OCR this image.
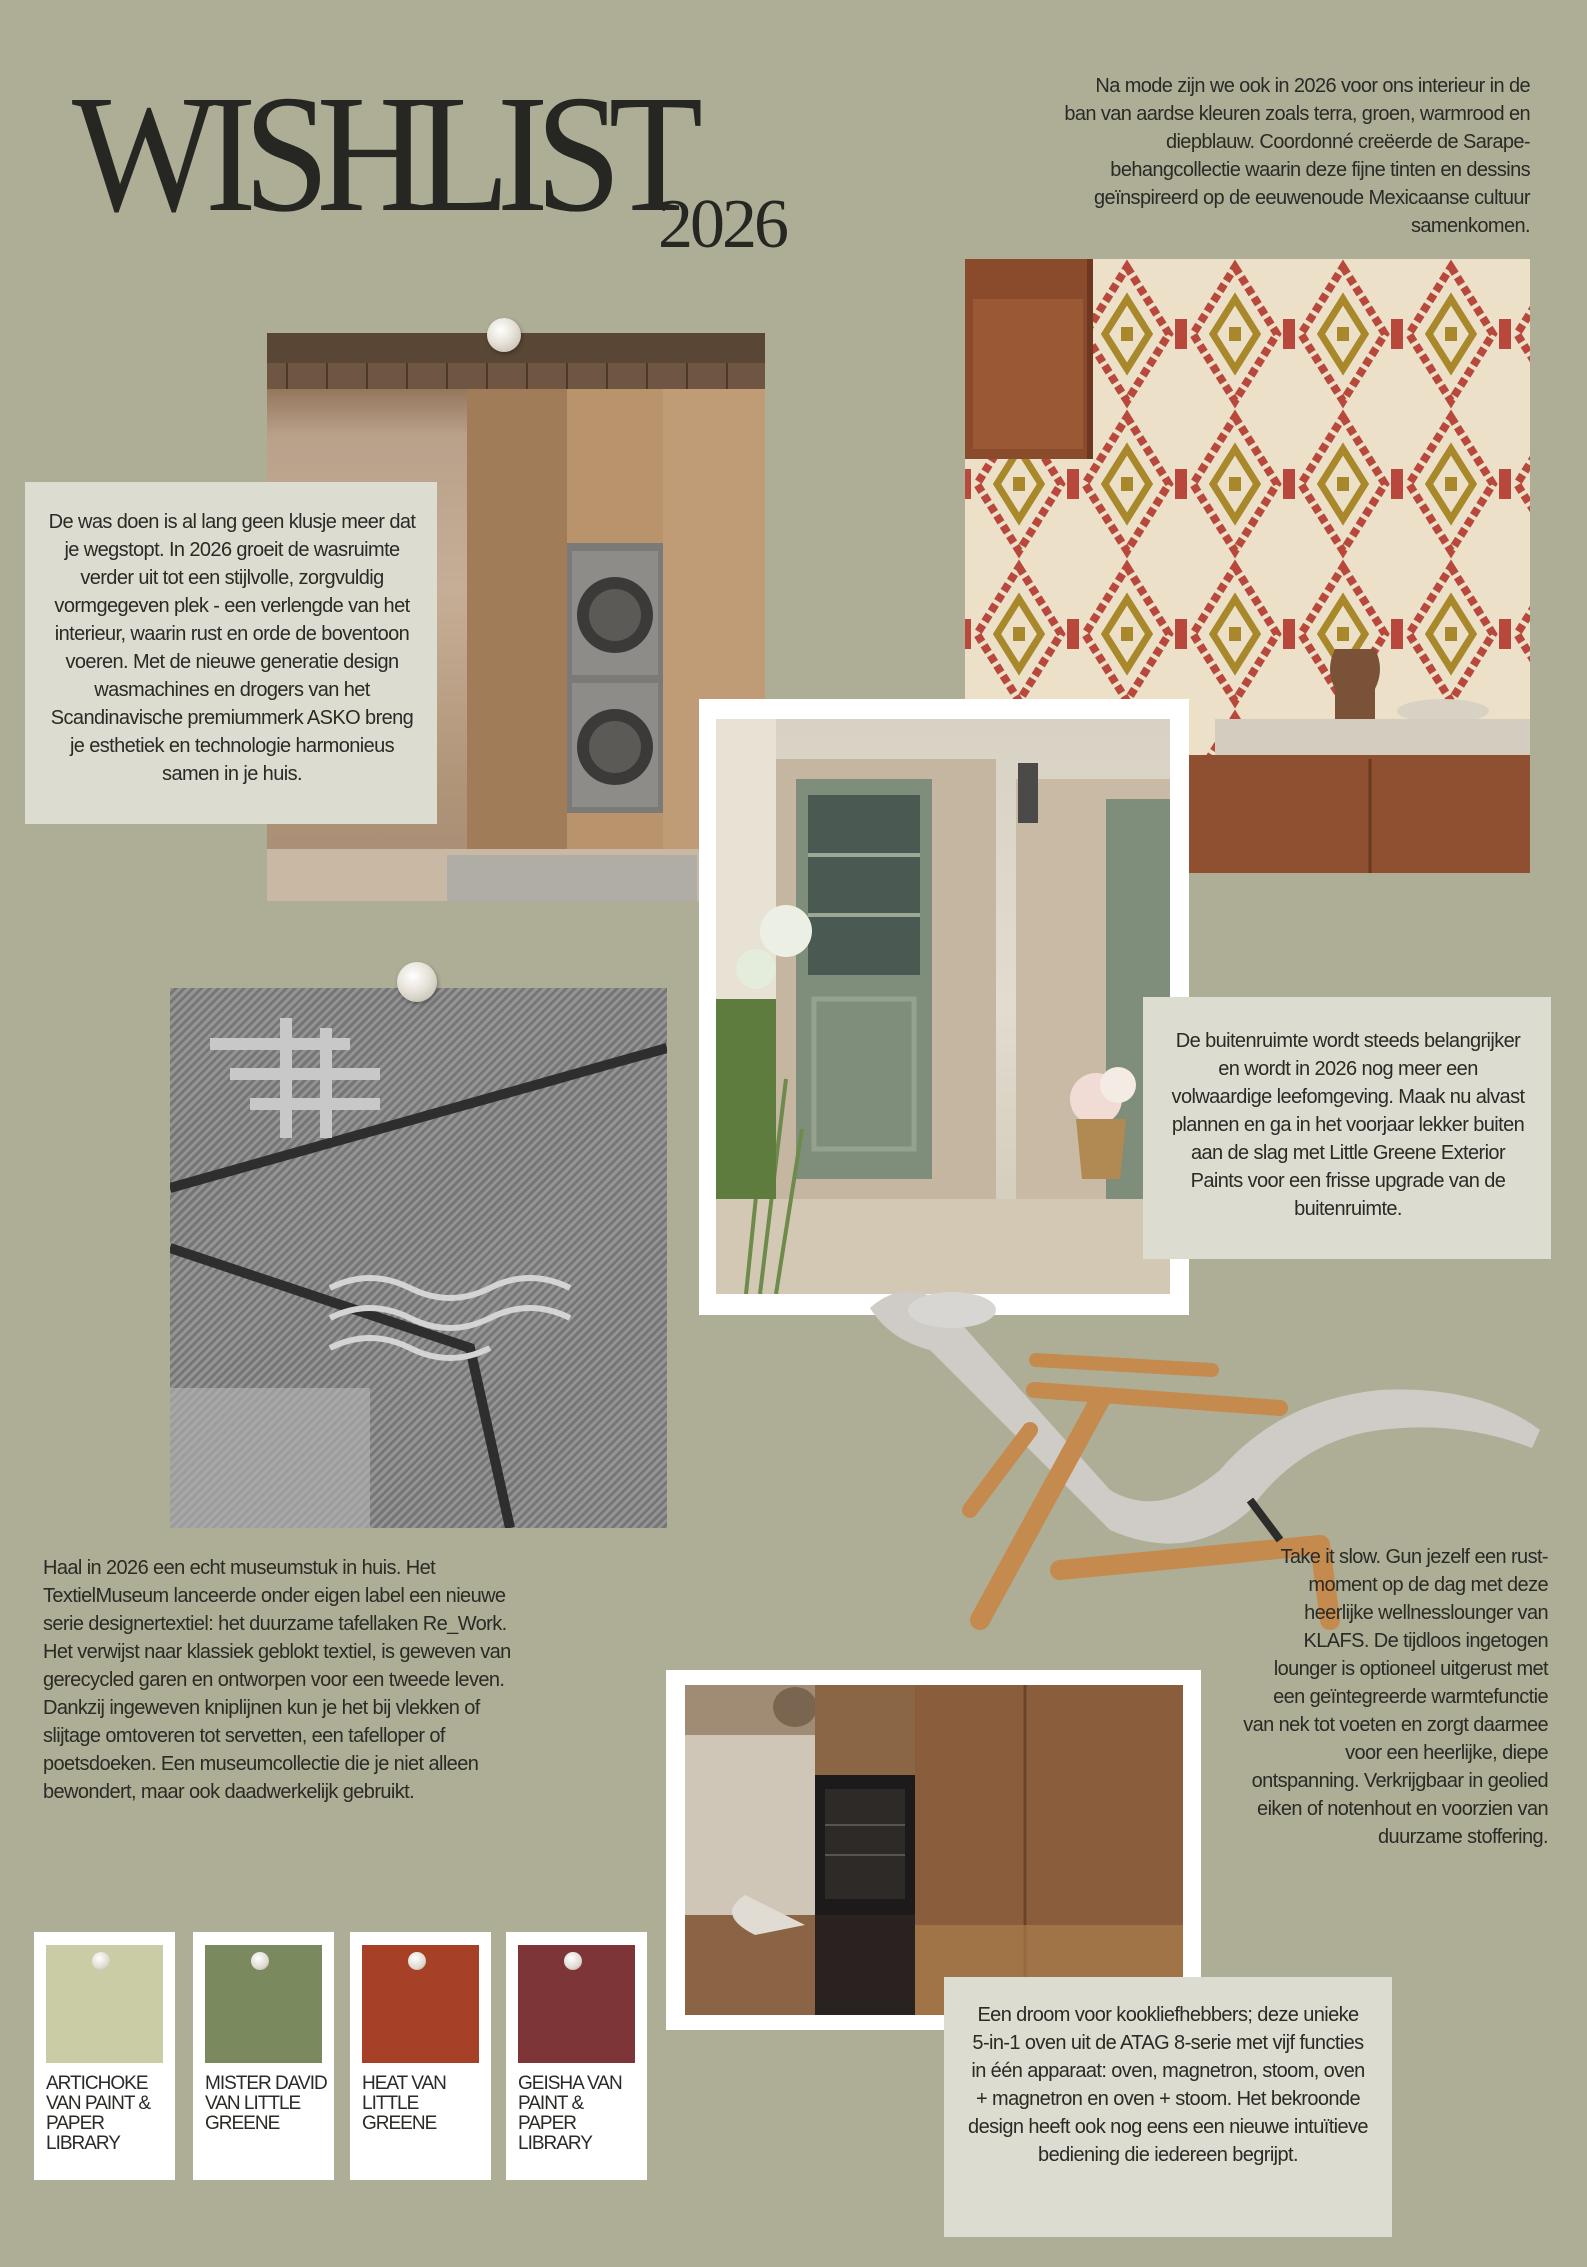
WISHLIST
2026
Na mode zijn we ook in 2026 voor ons interieur in de ban van aardse kleuren zoals terra, groen, warmrood en diepblauw. Coordonné creëerde de Sarape-behangcollectie waarin deze fijne tinten en dessins geïnspireerd op de eeuwenoude Mexicaanse cultuur samenkomen.
De was doen is al lang geen klusje meer dat je wegstopt. In 2026 groeit de wasruimte verder uit tot een stijlvolle, zorgvuldig vormgegeven plek - een verlengde van het interieur, waarin rust en orde de boventoon voeren. Met de nieuwe generatie design wasmachines en drogers van het Scandinavische premiummerk ASKO breng je esthetiek en technologie harmonieus samen in je huis.
De buitenruimte wordt steeds belangrijker en wordt in 2026 nog meer een volwaardige leefomgeving. Maak nu alvast plannen en ga in het voorjaar lekker buiten aan de slag met Little Greene Exterior Paints voor een frisse upgrade van de buitenruimte.
Haal in 2026 een echt museumstuk in huis. Het TextielMuseum lanceerde onder eigen label een nieuwe serie designertextiel: het duurzame tafellaken Re_Work. Het verwijst naar klassiek geblokt textiel, is geweven van gerecycled garen en ontworpen voor een tweede leven. Dankzij ingeweven kniplijnen kun je het bij vlekken of slijtage omtoveren tot servetten, een tafelloper of poetsdoeken. Een museumcollectie die je niet alleen bewondert, maar ook daadwerkelijk gebruikt.
Take it slow. Gun jezelf een rust-moment op de dag met deze heerlijke wellnesslounger van KLAFS. De tijdloos ingetogen lounger is optioneel uitgerust met een geïntegreerde warmtefunctie van nek tot voeten en zorgt daarmee voor een heerlijke, diepe ontspanning. Verkrijgbaar in geolied eiken of notenhout en voorzien van duurzame stoffering.
Een droom voor kookliefhebbers; deze unieke 5-in-1 oven uit de ATAG 8-serie met vijf functies in één apparaat: oven, magnetron, stoom, oven + magnetron en oven + stoom. Het bekroonde design heeft ook nog eens een nieuwe intuïtieve bediening die iedereen begrijpt.
ARTICHOKE VAN PAINT & PAPER LIBRARY
MISTER DAVID VAN LITTLE GREENE
HEAT VAN LITTLE GREENE
GEISHA VAN PAINT & PAPER LIBRARY
